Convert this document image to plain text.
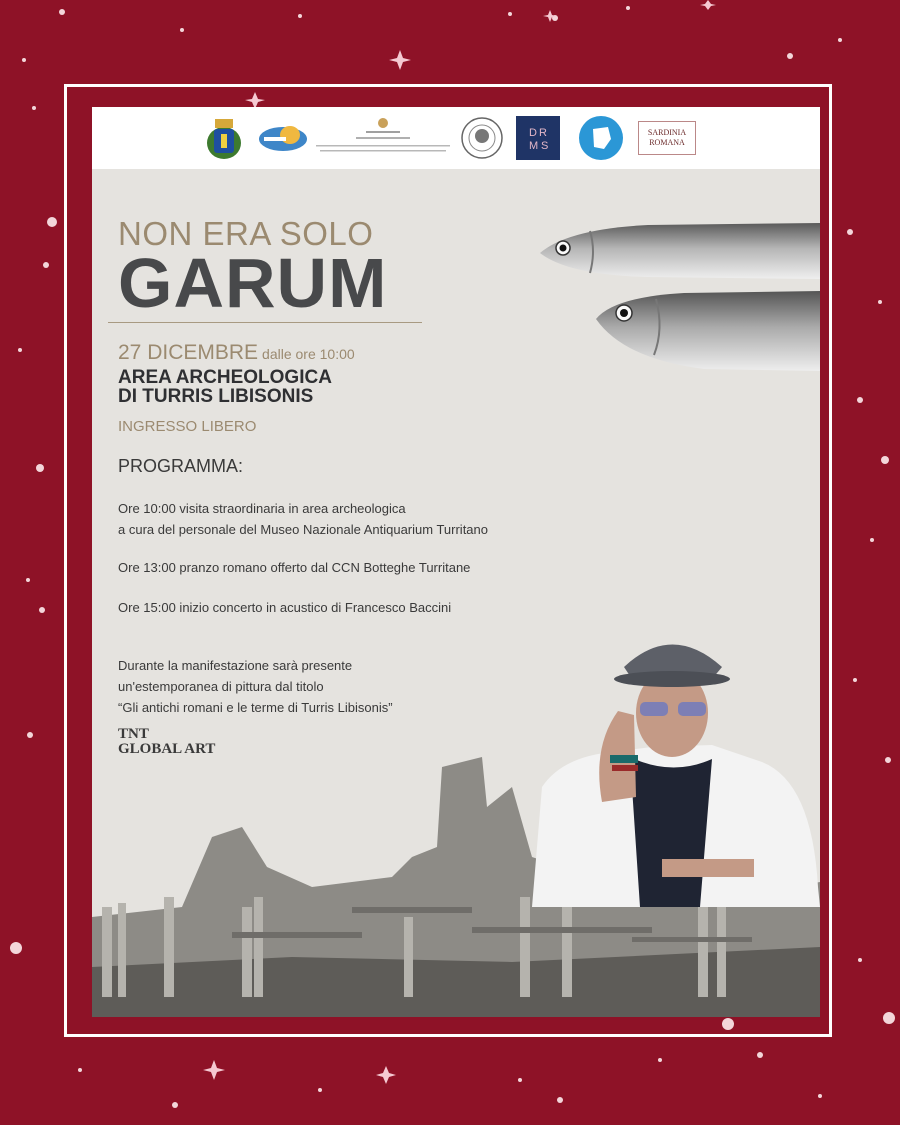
D R
M S
SARDINIA ROMANA
NON ERA SOLO
GARUM
27 DICEMBRE dalle ore 10:00
AREA ARCHEOLOGICA
DI TURRIS LIBISONIS
INGRESSO LIBERO
PROGRAMMA:
Ore 10:00 visita straordinaria in area archeologica
a cura del personale del Museo Nazionale Antiquarium Turritano
Ore 13:00 pranzo romano offerto dal CCN Botteghe Turritane
Ore 15:00 inizio concerto in acustico di Francesco Baccini
Durante la manifestazione sarà presente
un'estemporanea di pittura dal titolo
“Gli antichi romani e le terme di Turris Libisonis”
TNT
GLOBAL ART
